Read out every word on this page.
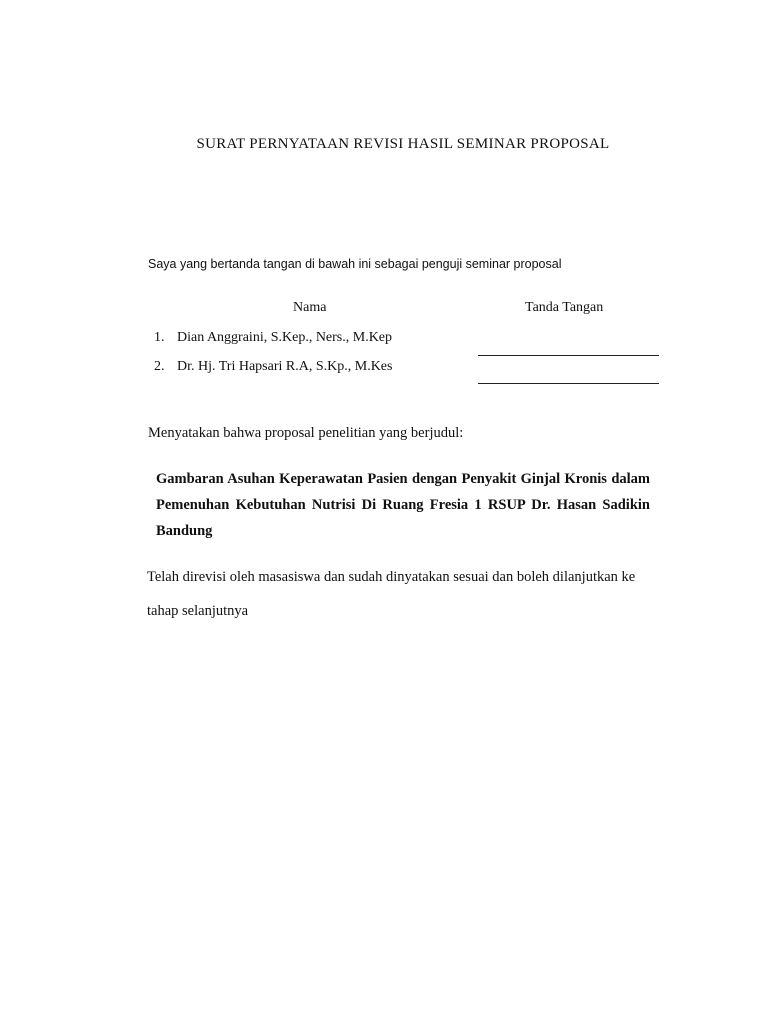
SURAT PERNYATAAN REVISI HASIL SEMINAR PROPOSAL
Saya yang bertanda tangan di bawah ini sebagai penguji seminar proposal
Nama	Tanda Tangan
1. Dian Anggraini, S.Kep., Ners., M.Kep
2. Dr. Hj. Tri Hapsari R.A, S.Kp., M.Kes
Menyatakan bahwa proposal penelitian yang berjudul:
Gambaran Asuhan Keperawatan Pasien dengan Penyakit Ginjal Kronis dalam Pemenuhan Kebutuhan Nutrisi Di Ruang Fresia 1 RSUP Dr. Hasan Sadikin Bandung
Telah direvisi oleh masasiswa dan sudah dinyatakan sesuai dan boleh dilanjutkan ke tahap selanjutnya
